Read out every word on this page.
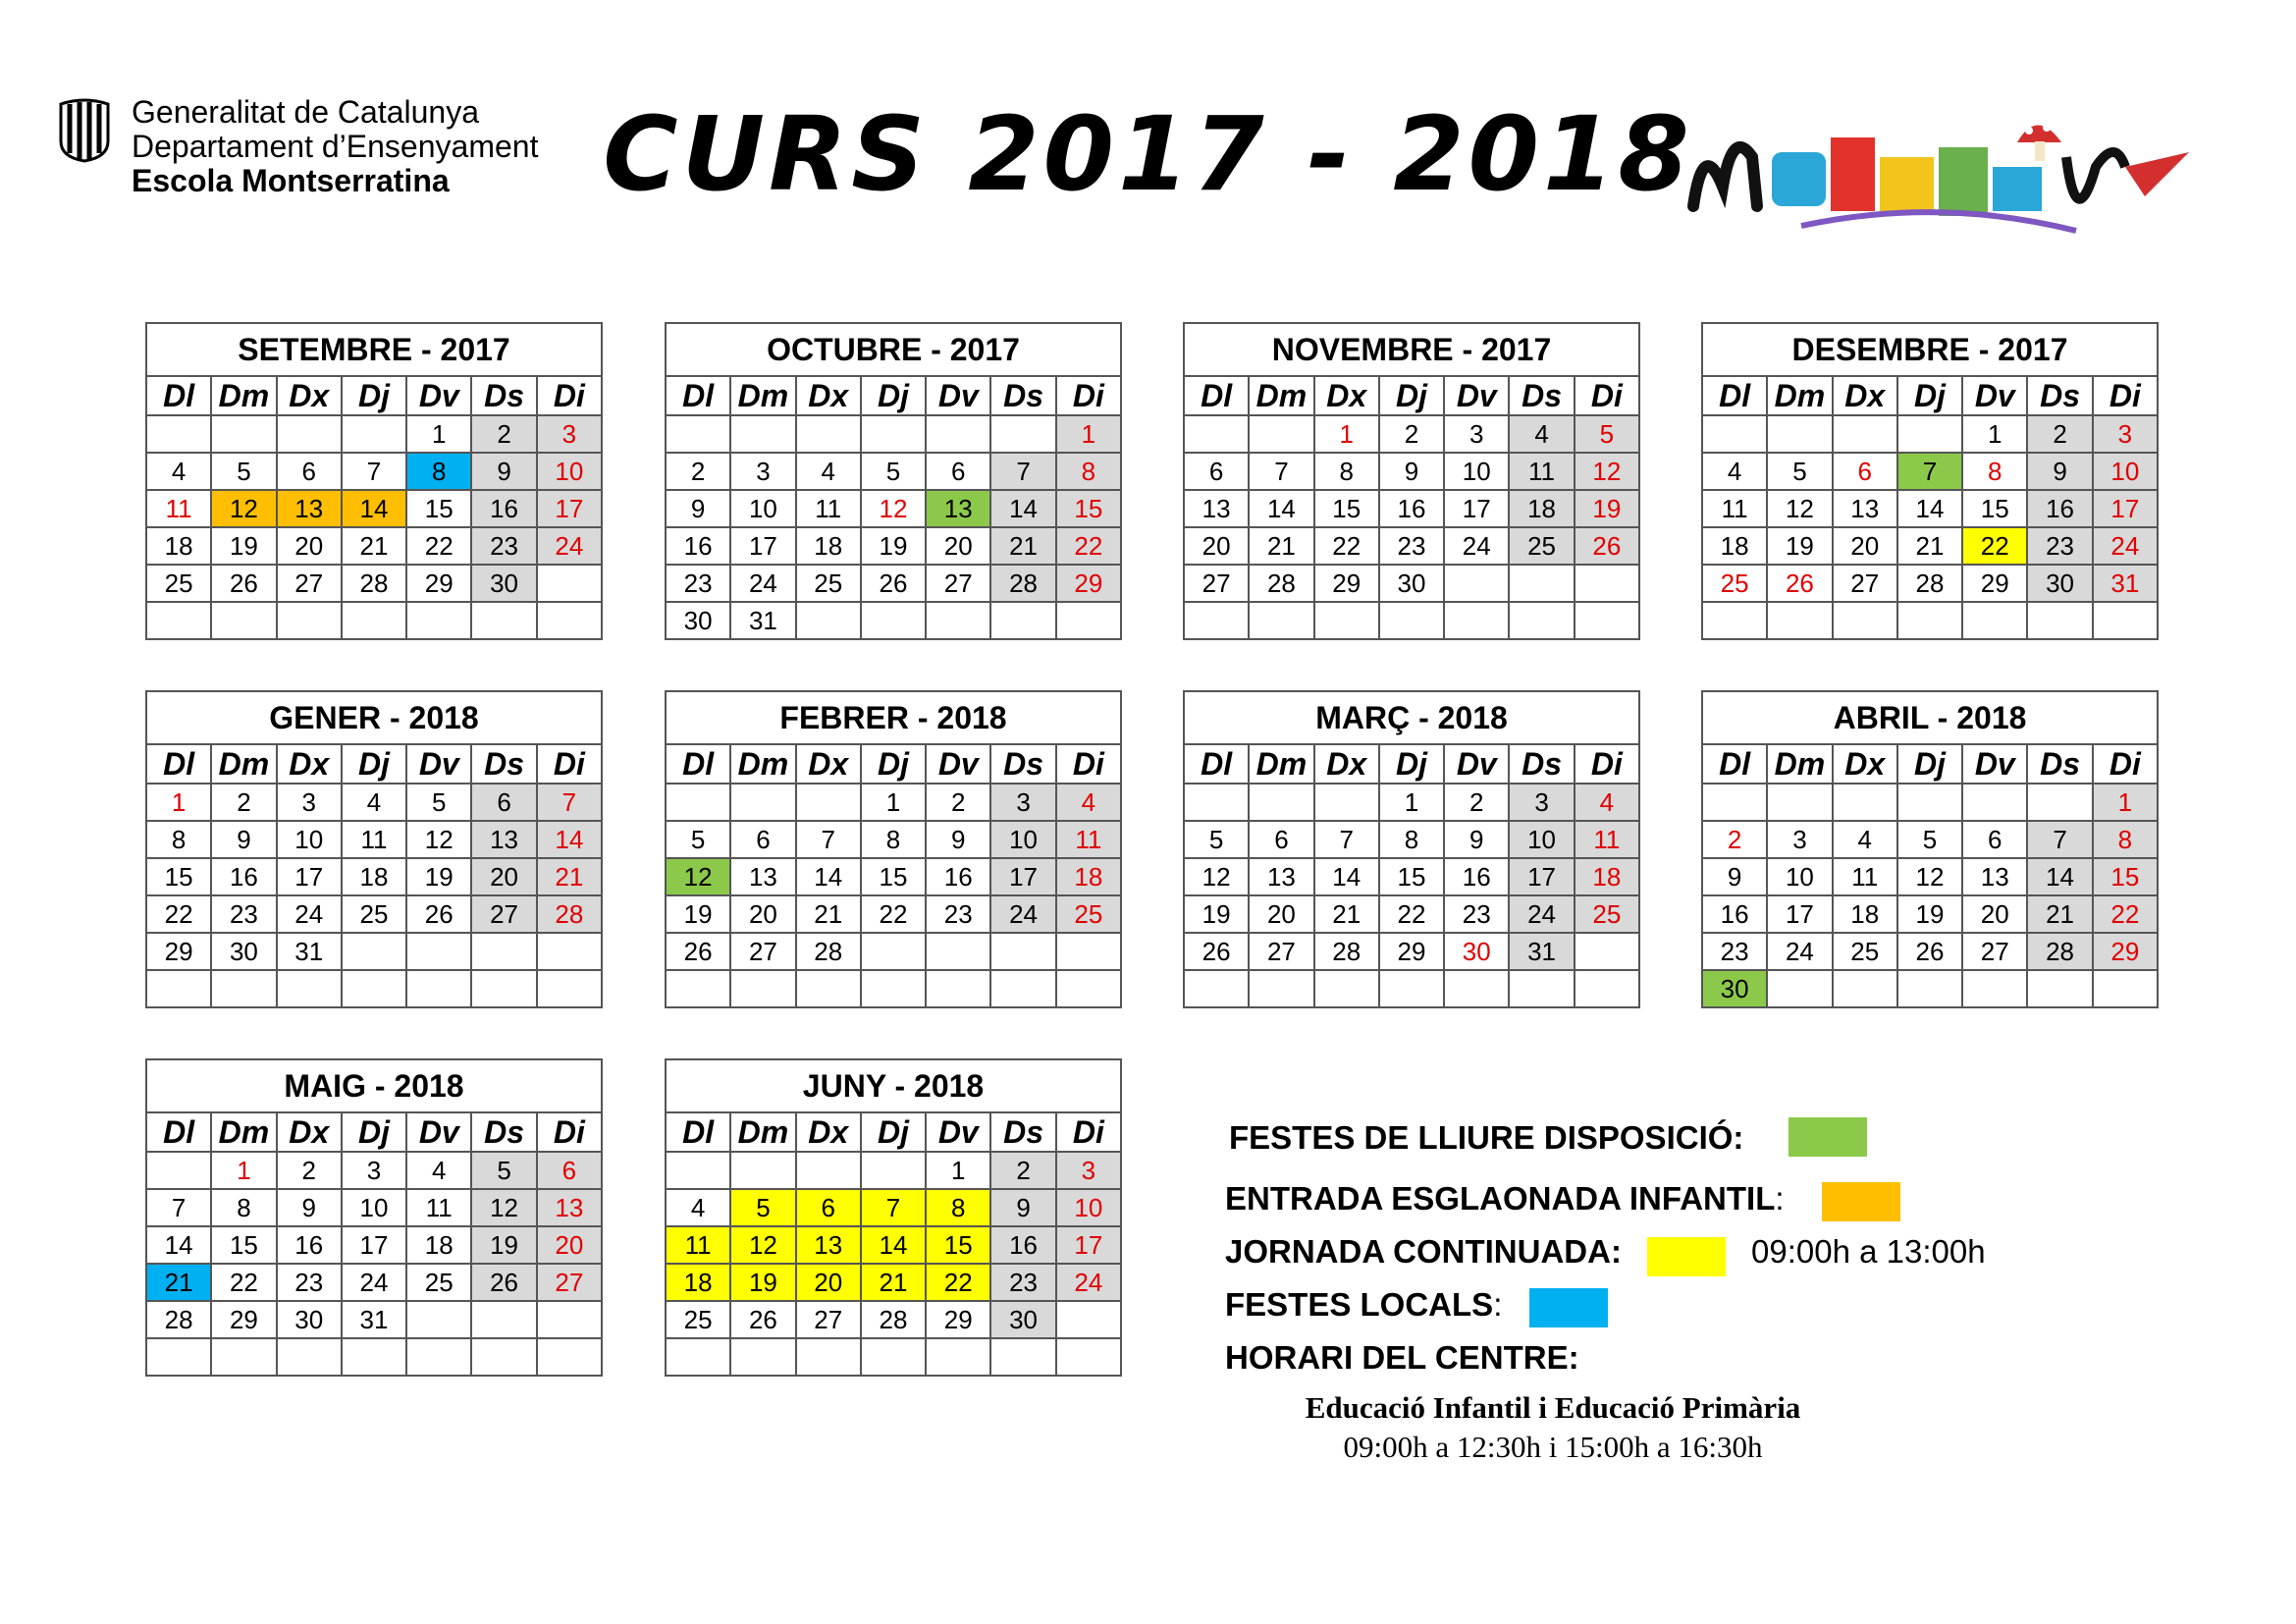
Generalitat de Catalunya
Departament d’Ensenyament
Escola Montserratina	CURS 2017 - 2018
SETEMBRE - 2017						
Dl	Dm	Dx	Dj	Dv	Ds	Di
				1	2	3
4	5	6	7	8	9	10
11	12	13	14	15	16	17
18	19	20	21	22	23	24
25	26	27	28	29	30	

OCTUBRE - 2017						
Dl	Dm	Dx	Dj	Dv	Ds	Di
						1
2	3	4	5	6	7	8
9	10	11	12	13	14	15
16	17	18	19	20	21	22
23	24	25	26	27	28	29
30	31					
NOVEMBRE - 2017						
Dl	Dm	Dx	Dj	Dv	Ds	Di
		1	2	3	4	5
6	7	8	9	10	11	12
13	14	15	16	17	18	19
20	21	22	23	24	25	26
27	28	29	30			

DESEMBRE - 2017						
Dl	Dm	Dx	Dj	Dv	Ds	Di
				1	2	3
4	5	6	7	8	9	10
11	12	13	14	15	16	17
18	19	20	21	22	23	24
25	26	27	28	29	30	31

GENER - 2018						
Dl	Dm	Dx	Dj	Dv	Ds	Di
1	2	3	4	5	6	7
8	9	10	11	12	13	14
15	16	17	18	19	20	21
22	23	24	25	26	27	28
29	30	31				

FEBRER - 2018						
Dl	Dm	Dx	Dj	Dv	Ds	Di
			1	2	3	4
5	6	7	8	9	10	11
12	13	14	15	16	17	18
19	20	21	22	23	24	25
26	27	28				

MARÇ - 2018						
Dl	Dm	Dx	Dj	Dv	Ds	Di
			1	2	3	4
5	6	7	8	9	10	11
12	13	14	15	16	17	18
19	20	21	22	23	24	25
26	27	28	29	30	31	

ABRIL - 2018						
Dl	Dm	Dx	Dj	Dv	Ds	Di
						1
2	3	4	5	6	7	8
9	10	11	12	13	14	15
16	17	18	19	20	21	22
23	24	25	26	27	28	29
30						
MAIG - 2018						
Dl	Dm	Dx	Dj	Dv	Ds	Di
	1	2	3	4	5	6
7	8	9	10	11	12	13
14	15	16	17	18	19	20
21	22	23	24	25	26	27
28	29	30	31			

JUNY - 2018						
Dl	Dm	Dx	Dj	Dv	Ds	Di
				1	2	3
4	5	6	7	8	9	10
11	12	13	14	15	16	17
18	19	20	21	22	23	24
25	26	27	28	29	30	

FESTES DE LLIURE DISPOSICIÓ:
ENTRADA ESGLAONADA INFANTIL:
JORNADA CONTINUADA:	09:00h a 13:00h
FESTES LOCALS:
HORARI DEL CENTRE:
Educació Infantil i Educació Primària
09:00h a 12:30h i 15:00h a 16:30h
